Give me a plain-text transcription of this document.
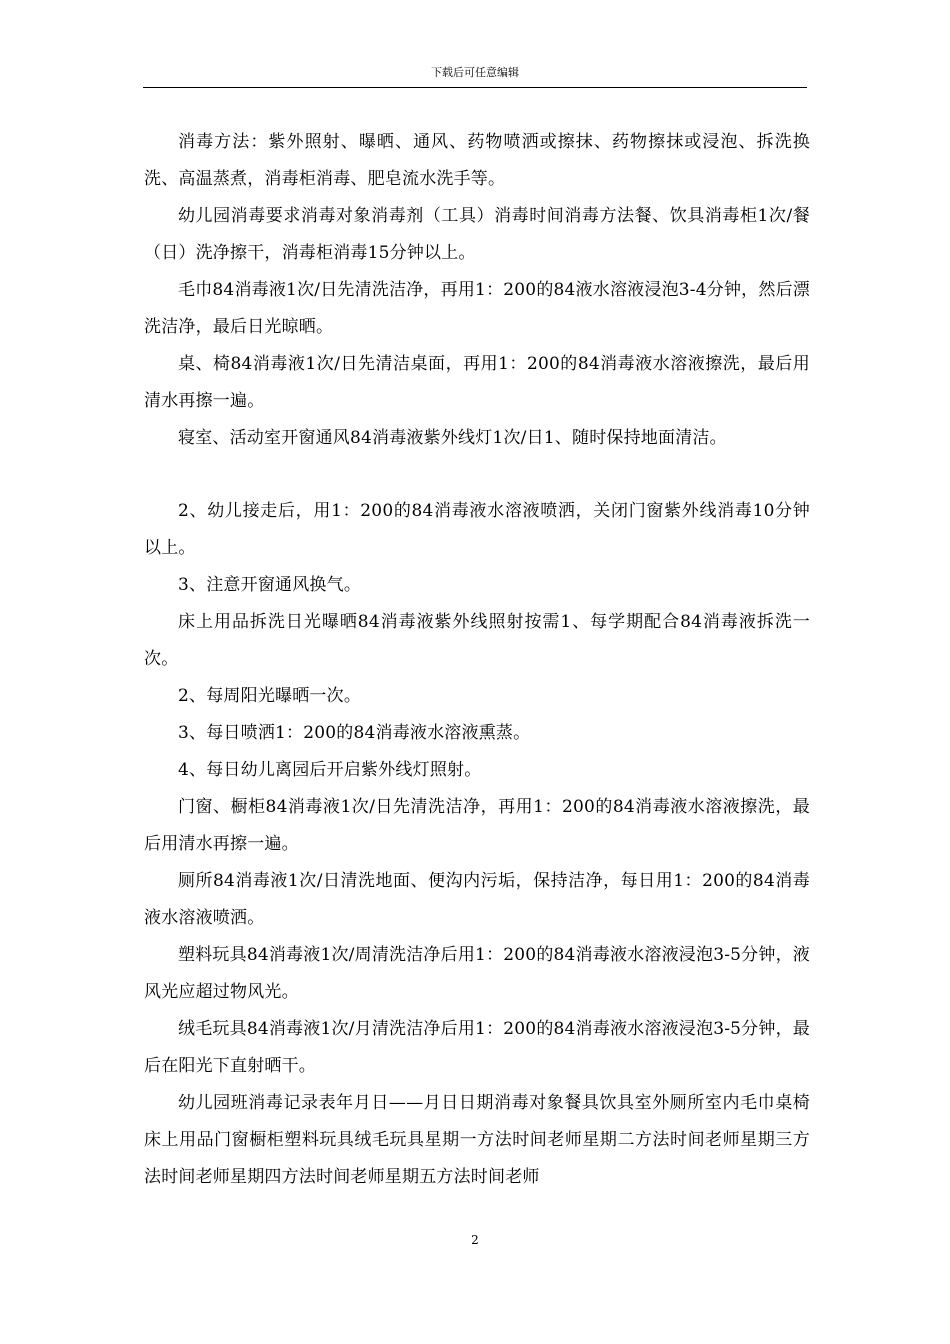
下载后可任意编辑

消毒方法：紫外照射、曝晒、通风、药物喷洒或擦抹、药物擦抹或浸泡、拆洗换洗、高温蒸煮，消毒柜消毒、肥皂流水洗手等。

幼儿园消毒要求消毒对象消毒剂（工具）消毒时间消毒方法餐、饮具消毒柜1次/餐（日）洗净擦干，消毒柜消毒15分钟以上。

毛巾84消毒液1次/日先清洗洁净，再用1：200的84液水溶液浸泡3-4分钟，然后漂洗洁净，最后日光晾晒。

桌、椅84消毒液1次/日先清洁桌面，再用1：200的84消毒液水溶液擦洗，最后用清水再擦一遍。

寝室、活动室开窗通风84消毒液紫外线灯1次/日1、随时保持地面清洁。

2、幼儿接走后，用1：200的84消毒液水溶液喷洒，关闭门窗紫外线消毒10分钟以上。

3、注意开窗通风换气。

床上用品拆洗日光曝晒84消毒液紫外线照射按需1、每学期配合84消毒液拆洗一次。

2、每周阳光曝晒一次。

3、每日喷洒1：200的84消毒液水溶液熏蒸。

4、每日幼儿离园后开启紫外线灯照射。

门窗、橱柜84消毒液1次/日先清洗洁净，再用1：200的84消毒液水溶液擦洗，最后用清水再擦一遍。

厕所84消毒液1次/日清洗地面、便沟内污垢，保持洁净，每日用1：200的84消毒液水溶液喷洒。

塑料玩具84消毒液1次/周清洗洁净后用1：200的84消毒液水溶液浸泡3-5分钟，液风光应超过物风光。

绒毛玩具84消毒液1次/月清洗洁净后用1：200的84消毒液水溶液浸泡3-5分钟，最后在阳光下直射晒干。

幼儿园班消毒记录表年月日——月日日期消毒对象餐具饮具室外厕所室内毛巾桌椅床上用品门窗橱柜塑料玩具绒毛玩具星期一方法时间老师星期二方法时间老师星期三方法时间老师星期四方法时间老师星期五方法时间老师

2
